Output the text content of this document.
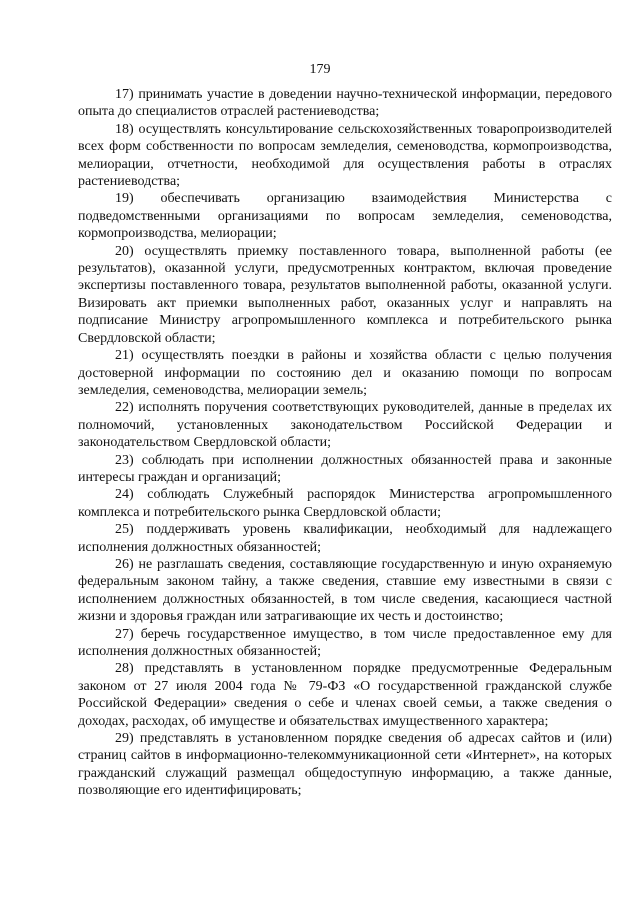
179

17) принимать участие в доведении научно-технической информации, передового опыта до специалистов отраслей растениеводства;

18) осуществлять консультирование сельскохозяйственных товаропроизводителей всех форм собственности по вопросам земледелия, семеноводства, кормопроизводства, мелиорации, отчетности, необходимой для осуществления работы в отраслях растениеводства;

19) обеспечивать организацию взаимодействия Министерства с подведомственными организациями по вопросам земледелия, семеноводства, кормопроизводства, мелиорации;

20) осуществлять приемку поставленного товара, выполненной работы (ее результатов), оказанной услуги, предусмотренных контрактом, включая проведение экспертизы поставленного товара, результатов выполненной работы, оказанной услуги. Визировать акт приемки выполненных работ, оказанных услуг и направлять на подписание Министру агропромышленного комплекса и потребительского рынка Свердловской области;

21) осуществлять поездки в районы и хозяйства области с целью получения достоверной информации по состоянию дел и оказанию помощи по вопросам земледелия, семеноводства, мелиорации земель;

22) исполнять поручения соответствующих руководителей, данные в пределах их полномочий, установленных законодательством Российской Федерации и законодательством Свердловской области;

23) соблюдать при исполнении должностных обязанностей права и законные интересы граждан и организаций;

24) соблюдать Служебный распорядок Министерства агропромышленного комплекса и потребительского рынка Свердловской области;

25) поддерживать уровень квалификации, необходимый для надлежащего исполнения должностных обязанностей;

26) не разглашать сведения, составляющие государственную и иную охраняемую федеральным законом тайну, а также сведения, ставшие ему известными в связи с исполнением должностных обязанностей, в том числе сведения, касающиеся частной жизни и здоровья граждан или затрагивающие их честь и достоинство;

27) беречь государственное имущество, в том числе предоставленное ему для исполнения должностных обязанностей;

28) представлять в установленном порядке предусмотренные Федеральным законом от 27 июля 2004 года № 79-ФЗ «О государственной гражданской службе Российской Федерации» сведения о себе и членах своей семьи, а также сведения о доходах, расходах, об имуществе и обязательствах имущественного характера;

29) представлять в установленном порядке сведения об адресах сайтов и (или) страниц сайтов в информационно-телекоммуникационной сети «Интернет», на которых гражданский служащий размещал общедоступную информацию, а также данные, позволяющие его идентифицировать;
